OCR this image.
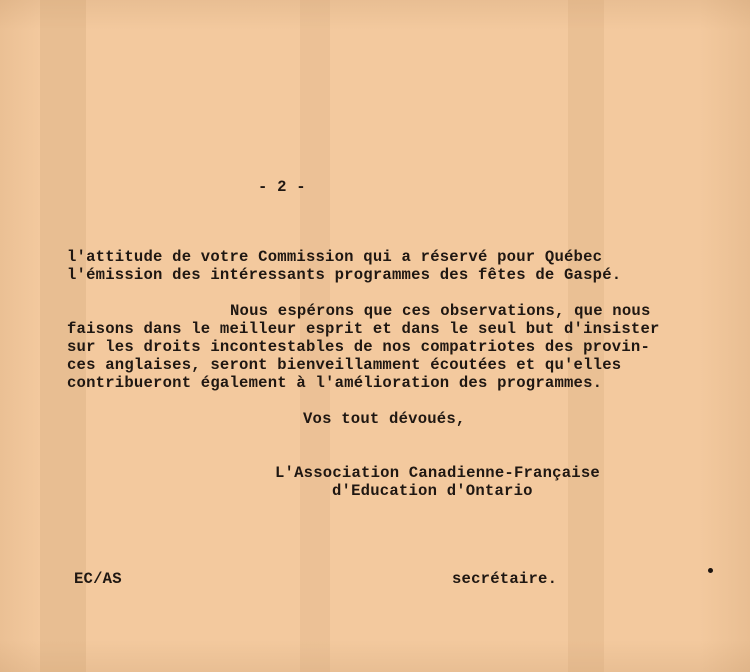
- 2 -
l'attitude de votre Commission qui a réservé pour Québec
l'émission des intéressants programmes des fêtes de Gaspé.
Nous espérons que ces observations, que nous
faisons dans le meilleur esprit et dans le seul but d'insister
sur les droits incontestables de nos compatriotes des provin-
ces anglaises, seront bienveillamment écoutées et qu'elles
contribueront également à l'amélioration des programmes.
Vos tout dévoués,
L'Association Canadienne-Française
d'Education d'Ontario
EC/AS	secrétaire.
